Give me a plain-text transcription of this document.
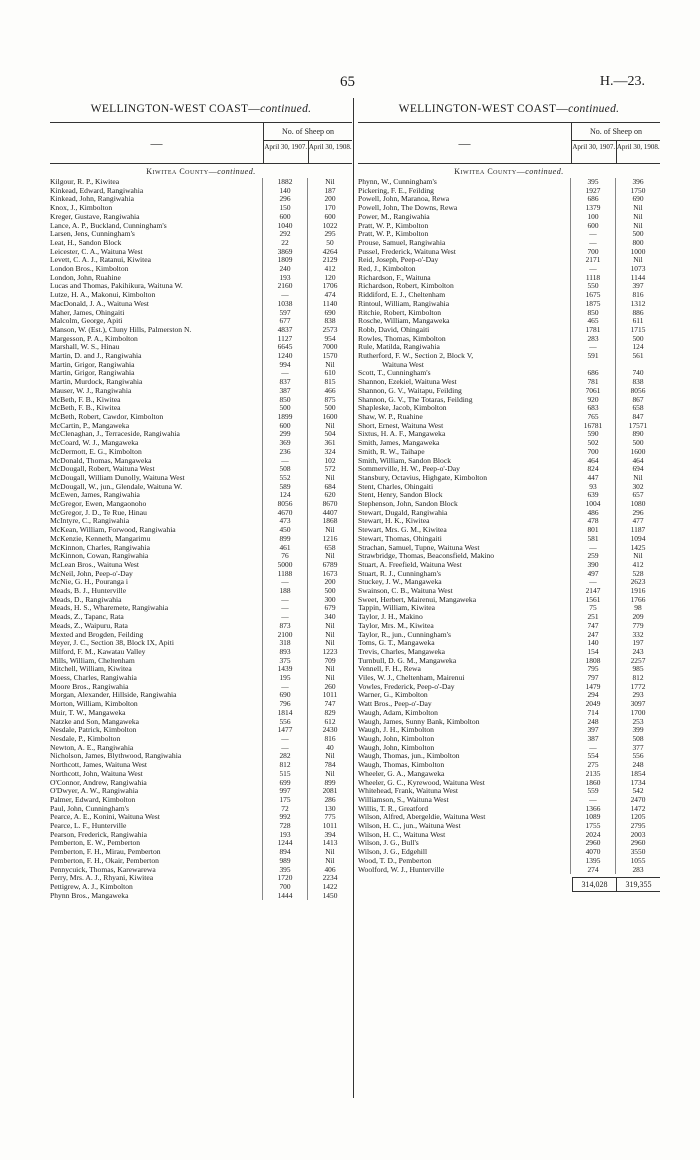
65	H.—23.
WELLINGTON-WEST COAST—continued.
—
No. of Sheep on
April 30, 1907. April 30, 1908.
Kiwitea County—continued.
Kilgour, R. P., Kiwitea	1882	Nil
Kinkead, Edward, Rangiwahia	140	187
Kinkead, John, Rangiwahia	296	200
Knox, J., Kimbolton	150	170
Kreger, Gustave, Rangiwahia	600	600
Lance, A. P., Buckland, Cunningham's	1040	1022
Larsen, Jens, Cunningham's	292	295
Leat, H., Sandon Block	22	50
Leicester, C. A., Waituna West	3869	4264
Levett, C. A. J., Ratanui, Kiwitea	1809	2129
London Bros., Kimbolton	240	412
London, John, Ruahine	193	120
Lucas and Thomas, Pakihikura, Waituna W.	2160	1706
Lutze, H. A., Makonui, Kimbolton	—	474
MacDonald, J. A., Waituna West	1038	1140
Maher, James, Ohingaiti	597	690
Malcolm, George, Apiti	677	838
Manson, W. (Est.), Cluny Hills, Palmerston N.	4837	2573
Margesson, P. A., Kimbolton	1127	954
Marshall, W. S., Hinau	6645	7000
Martin, D. and J., Rangiwahia	1240	1570
Martin, Grigor, Rangiwahia	994	Nil
Martin, Grigor, Rangiwahia	—	610
Martin, Murdock, Rangiwahia	837	815
Mauser, W. J., Rangiwahia	387	466
McBeth, F. B., Kiwitea	850	875
McBeth, F. B., Kiwitea	500	500
McBeth, Robert, Cawdor, Kimbolton	1899	1600
McCartin, P., Mangaweka	600	Nil
McClenaghan, J., Terraceside, Rangiwahia	299	504
McCoard, W. J., Mangaweka	369	361
McDermott, E. G., Kimbolton	236	324
McDonald, Thomas, Mangaweka	—	102
McDougall, Robert, Waituna West	508	572
McDougall, William Dunolly, Waituna West	552	Nil
McDougall, W., jun., Glendale, Waituna W.	589	684
McEwen, James, Rangiwahia	124	620
McGregor, Ewen, Mangaonoho	8056	8670
McGregor, J. D., Te Rue, Hinau	4670	4407
McIntyre, C., Rangiwahia	473	1868
McKean, William, Forwood, Rangiwahia	450	Nil
McKenzie, Kenneth, Mangarimu	899	1216
McKinnon, Charles, Rangiwahia	461	658
McKinnon, Cowan, Rangiwahia	76	Nil
McLean Bros., Waituna West	5000	6789
McNeil, John, Peep-o'-Day	1188	1673
McNie, G. H., Pouranga i	—	200
Meads, B. J., Hunterville	188	500
Meads, D., Rangiwahia	—	300
Meads, H. S., Wharemete, Rangiwahia	—	679
Meads, Z., Tapanc, Rata	—	340
Meads, Z., Waipuru, Rata	873	Nil
Mexted and Brogden, Feilding	2100	Nil
Meyer, J. C., Section 38, Block IX, Apiti	318	Nil
Milford, F. M., Kawatau Valley	893	1223
Mills, William, Cheltenham	375	709
Mitchell, William, Kiwitea	1439	Nil
Moess, Charles, Rangiwahia	195	Nil
Moore Bros., Rangiwahia	—	260
Morgan, Alexander, Hillside, Rangiwahia	690	1011
Morton, William, Kimbolton	796	747
Muir, T. W., Mangaweka	1814	829
Natzke and Son, Mangaweka	556	612
Nesdale, Patrick, Kimbolton	1477	2430
Nesdale, P., Kimbolton	—	816
Newton, A. E., Rangiwahia	—	40
Nicholson, James, Blythwood, Rangiwahia	282	Nil
Northcott, James, Waituna West	812	784
Northcott, John, Waituna West	515	Nil
O'Connor, Andrew, Rangiwahia	699	899
O'Dwyer, A. W., Rangiwahia	997	2081
Palmer, Edward, Kimbolton	175	286
Paul, John, Cunningham's	72	130
Pearce, A. E., Konini, Waituna West	992	775
Pearce, L. F., Hunterville	728	1011
Pearson, Frederick, Rangiwahia	193	394
Pemberton, E. W., Pemberton	1244	1413
Pemberton, F. H., Mirau, Pemberton	894	Nil
Pemberton, F. H., Okair, Pemberton	989	Nil
Pennycuick, Thomas, Karewarewa	395	406
Perry, Mrs. A. J., Rhyani, Kiwitea	1720	2234
Pettigrew, A. J., Kimbolton	700	1422
Phynn Bros., Mangaweka	1444	1450
WELLINGTON-WEST COAST—continued.
—
No. of Sheep on
April 30, 1907. April 30, 1908.
Kiwitea County—continued.
Phynn, W., Cunningham's	395	396
Pickering, F. E., Feilding	1927	1750
Powell, John, Maranoa, Rewa	686	690
Powell, John, The Downs, Rewa	1379	Nil
Power, M., Rangiwahia	100	Nil
Pratt, W. P., Kimbolton	600	Nil
Pratt, W. P., Kimbolton	—	500
Prouse, Samuel, Rangiwahia	—	800
Pussel, Frederick, Waituna West	700	1000
Reid, Joseph, Peep-o'-Day	2171	Nil
Red, J., Kimbolton	—	1073
Richardson, F., Waituna	1118	1144
Richardson, Robert, Kimbolton	550	397
Riddiford, E. J., Cheltenham	1675	816
Rintoul, William, Rangiwahia	1875	1312
Ritchie, Robert, Kimbolton	850	886
Rosche, William, Mangaweka	465	611
Robb, David, Ohingaiti	1781	1715
Rowles, Thomas, Kimbolton	283	500
Rule, Matilda, Rangiwahia	—	124
Rutherford, F. W., Section 2, Block V,	591	561
Waituna West
Scott, T., Cunningham's	686	740
Shannon, Ezekiel, Waituna West	781	838
Shannon, G. V., Waitapu, Feilding	7061	8056
Shannon, G. V., The Totaras, Feilding	920	867
Shapleske, Jacob, Kimbolton	683	658
Shaw, W. P., Ruahine	765	847
Short, Ernest, Waituna West	16781	17571
Sixtus, H. A. F., Mangaweka	590	890
Smith, James, Mangaweka	502	500
Smith, R. W., Taihape	700	1600
Smith, William, Sandon Block	464	464
Sommerville, H. W., Peep-o'-Day	824	694
Stansbury, Octavius, Highgate, Kimbolton	447	Nil
Stent, Charles, Ohingaiti	93	302
Stent, Henry, Sandon Block	639	657
Stephenson, John, Sandon Block	1004	1080
Stewart, Dugald, Rangiwahia	486	296
Stewart, H. K., Kiwitea	478	477
Stewart, Mrs. G. M., Kiwitea	801	1187
Stewart, Thomas, Ohingaiti	581	1094
Strachan, Samuel, Tupne, Waituna West	—	1425
Strawbridge, Thomas, Beaconsfield, Makino	259	Nil
Stuart, A. Freefield, Waituna West	390	412
Stuart, R. J., Cunningham's	497	528
Stuckey, J. W., Mangaweka	—	2623
Swainson, C. B., Waituna West	2147	1916
Sweet, Herbert, Mairenui, Mangaweka	1561	1766
Tappin, William, Kiwitea	75	98
Taylor, J. H., Makino	251	209
Taylor, Mrs. M., Kiwitea	747	779
Taylor, R., jun., Cunningham's	247	332
Toms, G. T., Mangaweka	140	197
Trevis, Charles, Mangaweka	154	243
Turnbull, D. G. M., Mangaweka	1808	2257
Vennell, F. H., Rewa	795	985
Viles, W. J., Cheltenham, Mairenui	797	812
Vowles, Frederick, Peep-o'-Day	1479	1772
Warner, G., Kimbolton	294	293
Watt Bros., Peep-o'-Day	2049	3097
Waugh, Adam, Kimbolton	714	1700
Waugh, James, Sunny Bank, Kimbolton	248	253
Waugh, J. H., Kimbolton	397	399
Waugh, John, Kimbolton	387	508
Waugh, John, Kimbolton	—	377
Waugh, Thomas, jun., Kimbolton	554	556
Waugh, Thomas, Kimbolton	275	248
Wheeler, G. A., Mangaweka	2135	1854
Wheeler, G. C., Kyrewood, Waituna West	1860	1734
Whitehead, Frank, Waituna West	559	542
Williamson, S., Waituna West	—	2470
Willis, T. R., Greatford	1366	1472
Wilson, Alfred, Abergeldie, Waituna West	1089	1205
Wilson, H. C., jun., Waituna West	1755	2795
Wilson, H. C., Waituna West	2024	2003
Wilson, J. G., Bull's	2960	2960
Wilson, J. G., Edgehill	4070	3550
Wood, T. D., Pemberton	1395	1055
Woolford, W. J., Hunterville	274	283
314,028	319,355
